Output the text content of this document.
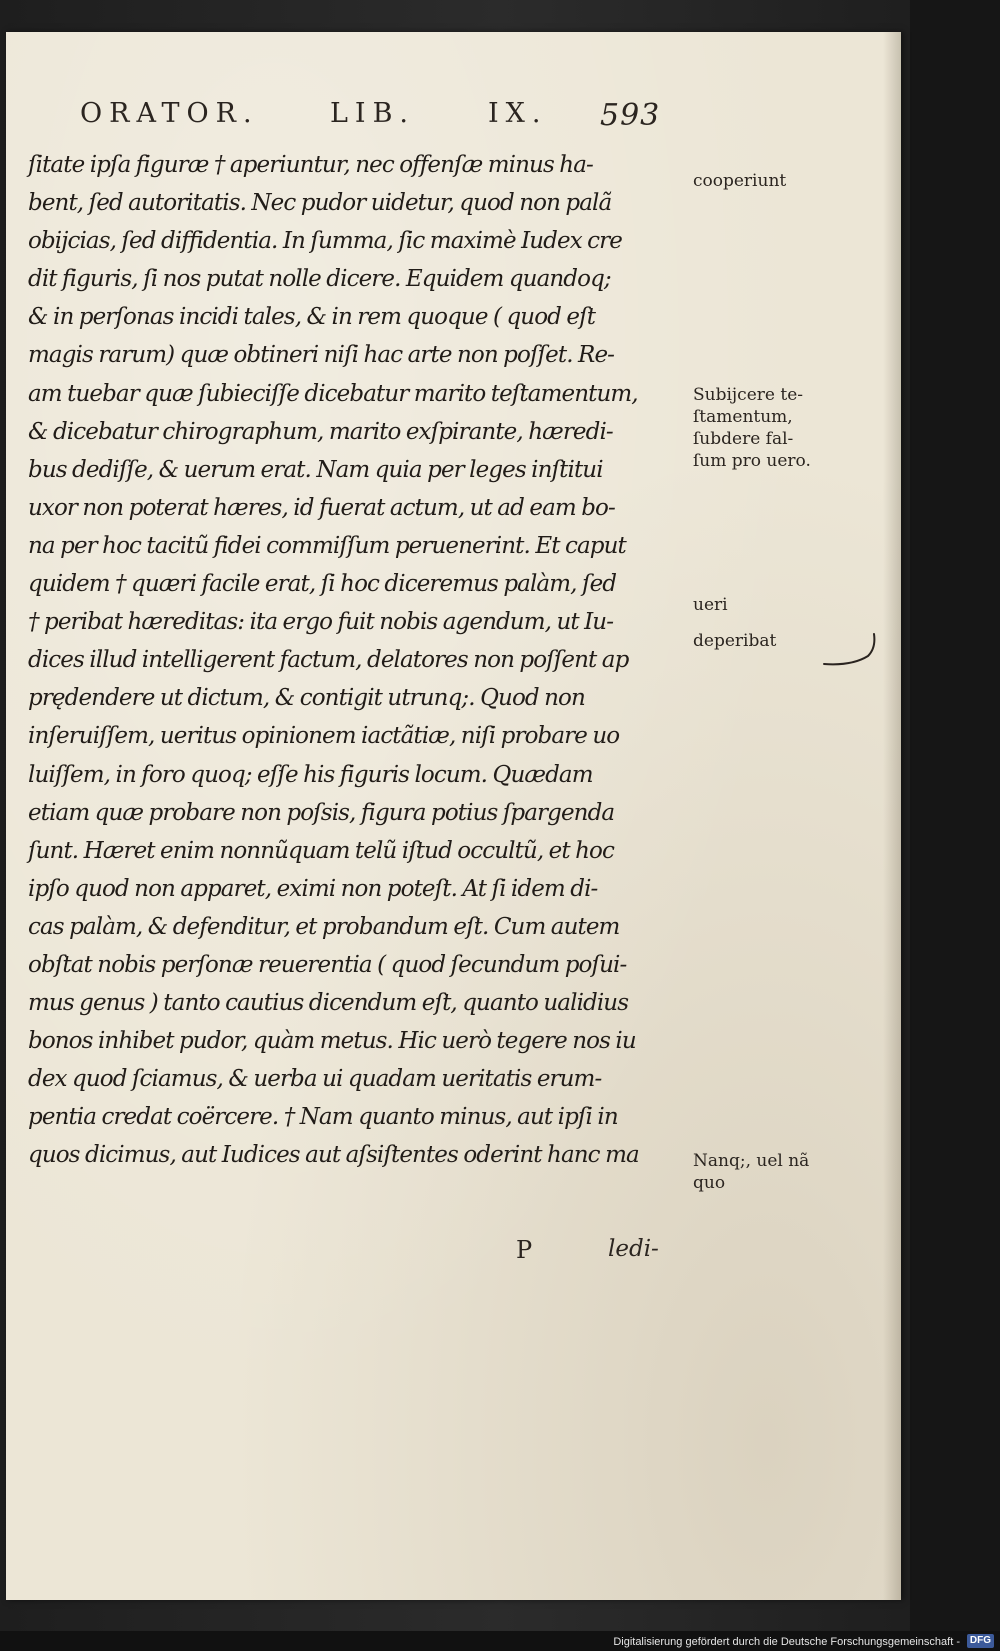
ORATOR.	LIB.	IX. 593
ſitate ipſa figuræ † aperiuntur, nec offenſæ minus ha-
bent, ſed autoritatis. Nec pudor uidetur, quod non palã
obijcias, ſed diffidentia. In ſumma, ſic maximè Iudex cre
dit figuris, ſi nos putat nolle dicere. Equidem quandoq;
& in perſonas incidi tales, & in rem quoque ( quod eſt
magis rarum) quæ obtineri niſi hac arte non poſſet. Re-
am tuebar quæ ſubieciſſe dicebatur marito teſtamentum,
& dicebatur chirographum, marito exſpirante, hæredi-
bus dediſſe, & uerum erat. Nam quia per leges inſtitui
uxor non poterat hæres, id fuerat actum, ut ad eam bo-
na per hoc tacitũ fidei commiſſum peruenerint. Et caput
quidem † quæri facile erat, ſi hoc diceremus palàm, ſed
† peribat hæreditas: ita ergo fuit nobis agendum, ut Iu-
dices illud intelligerent factum, delatores non poſſent ap
prędendere ut dictum, & contigit utrunq;. Quod non
inſeruiſſem, ueritus opinionem iactãtiæ, niſi probare uo
luiſſem, in foro quoq; eſſe his figuris locum. Quædam
etiam quæ probare non poſsis, figura potius ſpargenda
ſunt. Hæret enim nonnũquam telũ iſtud occultũ, et hoc
ipſo quod non apparet, eximi non poteſt. At ſi idem di-
cas palàm, & defenditur, et probandum eſt. Cum autem
obſtat nobis perſonæ reuerentia ( quod ſecundum poſui-
mus genus ) tanto cautius dicendum eſt, quanto ualidius
bonos inhibet pudor, quàm metus. Hic uerò tegere nos iu
dex quod ſciamus, & uerba ui quadam ueritatis erum-
pentia credat coërcere. † Nam quanto minus, aut ipſi in
quos dicimus, aut Iudices aut aſsiſtentes oderint hanc ma
cooperiunt
Subijcere te-
ſtamentum,
ſubdere fal-
ſum pro uero.
ueri
deperibat
Nanq;, uel nã
quo
P	ledi-
Digitalisierung gefördert durch die Deutsche Forschungsgemeinschaft - DFG
